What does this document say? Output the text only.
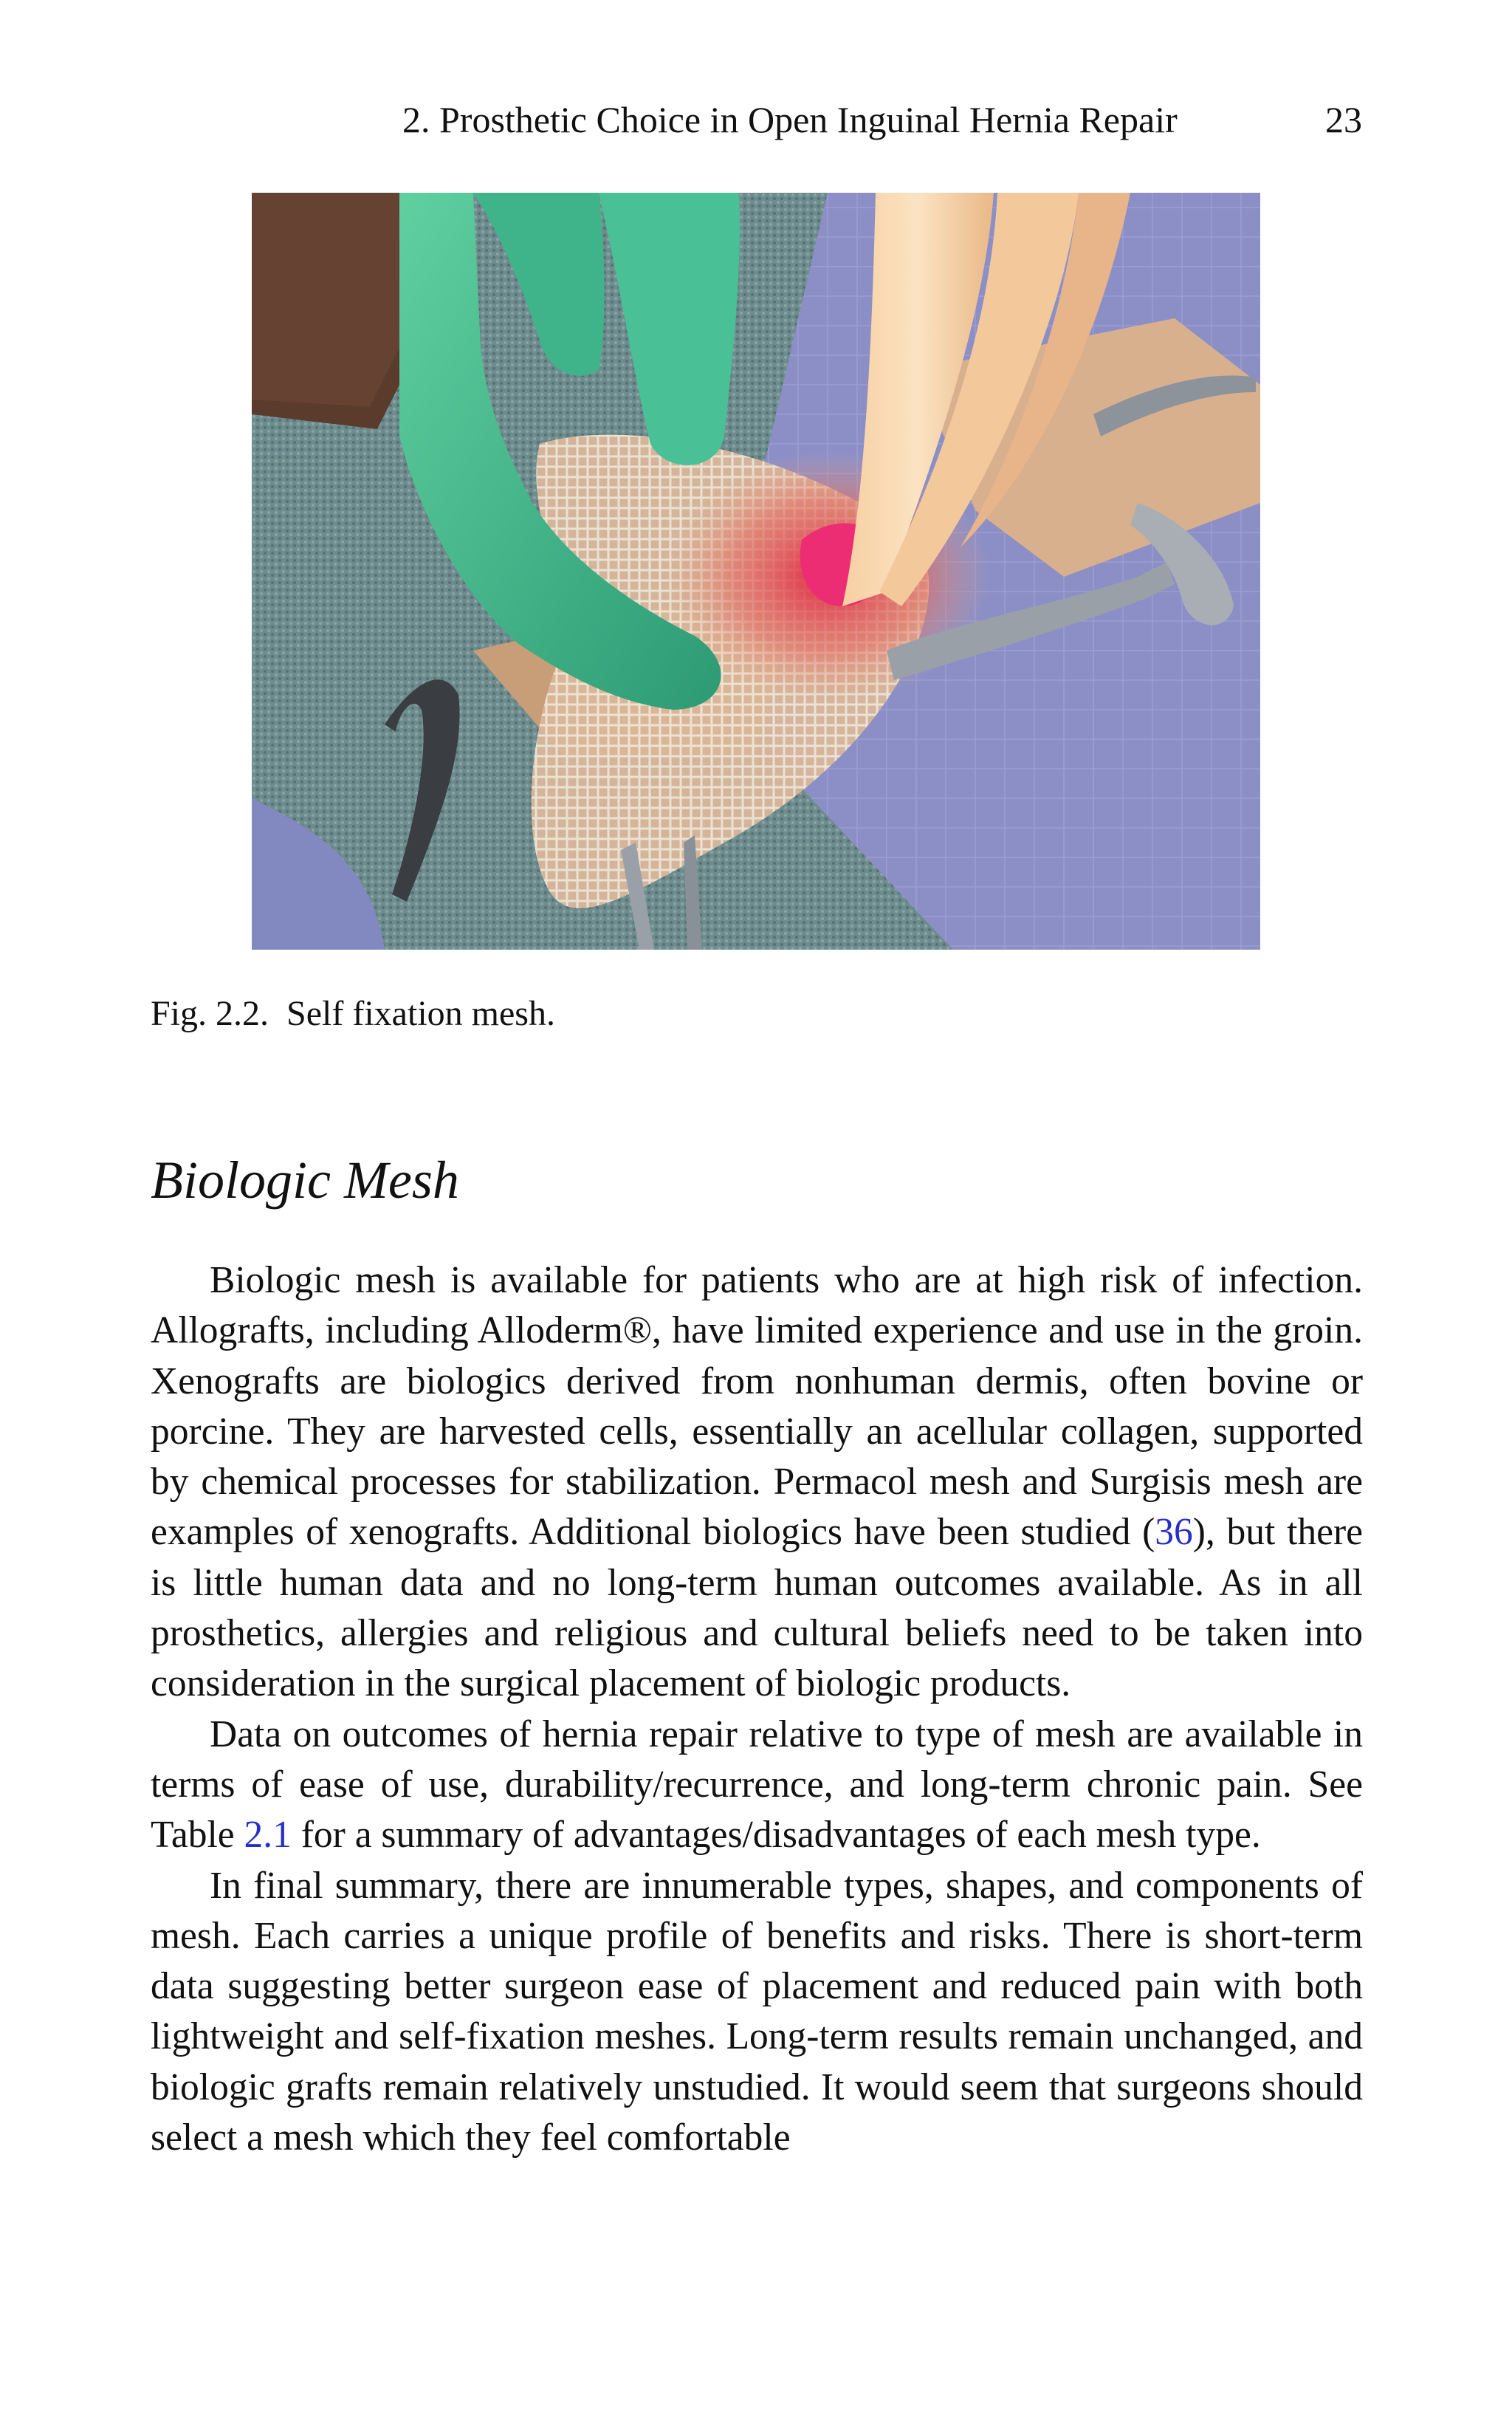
2. Prosthetic Choice in Open Inguinal Hernia Repair	23
Fig. 2.2. Self fixation mesh.
Biologic Mesh

Biologic mesh is available for patients who are at high risk of infection. Allografts, including Alloderm®, have limited experience and use in the groin. Xenografts are biologics derived from nonhuman dermis, often bovine or porcine. They are harvested cells, essentially an acellular collagen, supported by chemical processes for stabilization. Permacol mesh and Surgisis mesh are examples of xenografts. Additional biologics have been studied (36), but there is little human data and no long-term human outcomes available. As in all prosthetics, allergies and religious and cultural beliefs need to be taken into consideration in the surgical placement of biologic products.

Data on outcomes of hernia repair relative to type of mesh are available in terms of ease of use, durability/recurrence, and long-term chronic pain. See Table 2.1 for a summary of advantages/disadvantages of each mesh type.

In final summary, there are innumerable types, shapes, and components of mesh. Each carries a unique profile of benefits and risks. There is short-term data suggesting better surgeon ease of placement and reduced pain with both lightweight and self-fixation meshes. Long-term results remain unchanged, and biologic grafts remain relatively unstudied. It would seem that surgeons should select a mesh which they feel comfortable
